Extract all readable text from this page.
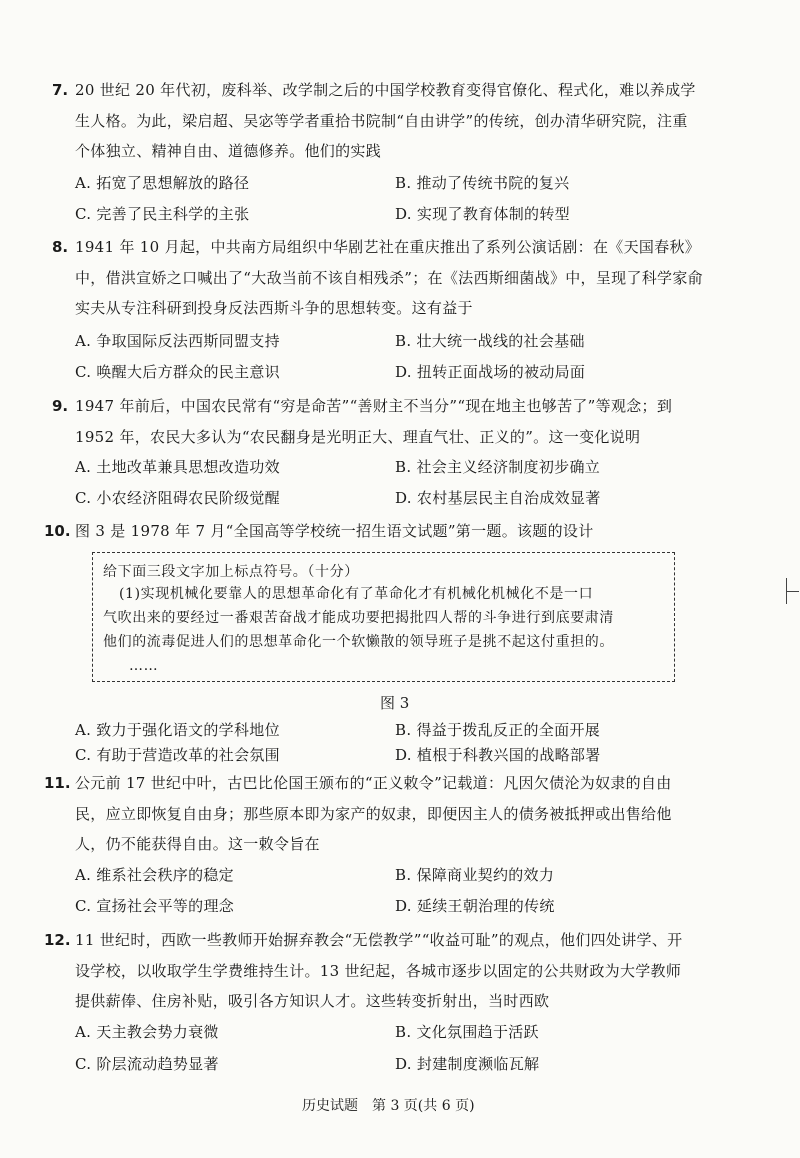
7. 20 世纪 20 年代初，废科举、改学制之后的中国学校教育变得官僚化、程式化，难以养成学
生人格。为此，梁启超、吴宓等学者重拾书院制“自由讲学”的传统，创办清华研究院，注重
个体独立、精神自由、道德修养。他们的实践
A. 拓宽了思想解放的路径	B. 推动了传统书院的复兴
C. 完善了民主科学的主张	D. 实现了教育体制的转型
8. 1941 年 10 月起，中共南方局组织中华剧艺社在重庆推出了系列公演话剧：在《天国春秋》
中，借洪宣娇之口喊出了“大敌当前不该自相残杀”；在《法西斯细菌战》中，呈现了科学家俞
实夫从专注科研到投身反法西斯斗争的思想转变。这有益于
A. 争取国际反法西斯同盟支持	B. 壮大统一战线的社会基础
C. 唤醒大后方群众的民主意识	D. 扭转正面战场的被动局面
9. 1947 年前后，中国农民常有“穷是命苦”“善财主不当分”“现在地主也够苦了”等观念；到
1952 年，农民大多认为“农民翻身是光明正大、理直气壮、正义的”。这一变化说明
A. 土地改革兼具思想改造功效	B. 社会主义经济制度初步确立
C. 小农经济阻碍农民阶级觉醒	D. 农村基层民主自治成效显著
10. 图 3 是 1978 年 7 月“全国高等学校统一招生语文试题”第一题。该题的设计
给下面三段文字加上标点符号。（十分）
(1)实现机械化要靠人的思想革命化有了革命化才有机械化机械化不是一口
气吹出来的要经过一番艰苦奋战才能成功要把揭批四人帮的斗争进行到底要肃清
他们的流毒促进人们的思想革命化一个软懒散的领导班子是挑不起这付重担的。
……
图 3
A. 致力于强化语文的学科地位	B. 得益于拨乱反正的全面开展
C. 有助于营造改革的社会氛围	D. 植根于科教兴国的战略部署
11. 公元前 17 世纪中叶，古巴比伦国王颁布的“正义敕令”记载道：凡因欠债沦为奴隶的自由
民，应立即恢复自由身；那些原本即为家产的奴隶，即便因主人的债务被抵押或出售给他
人，仍不能获得自由。这一敕令旨在
A. 维系社会秩序的稳定	B. 保障商业契约的效力
C. 宣扬社会平等的理念	D. 延续王朝治理的传统
12. 11 世纪时，西欧一些教师开始摒弃教会“无偿教学”“收益可耻”的观点，他们四处讲学、开
设学校，以收取学生学费维持生计。13 世纪起，各城市逐步以固定的公共财政为大学教师
提供薪俸、住房补贴，吸引各方知识人才。这些转变折射出，当时西欧
A. 天主教会势力衰微	B. 文化氛围趋于活跃
C. 阶层流动趋势显著	D. 封建制度濒临瓦解
历史试题　第 3 页(共 6 页)
